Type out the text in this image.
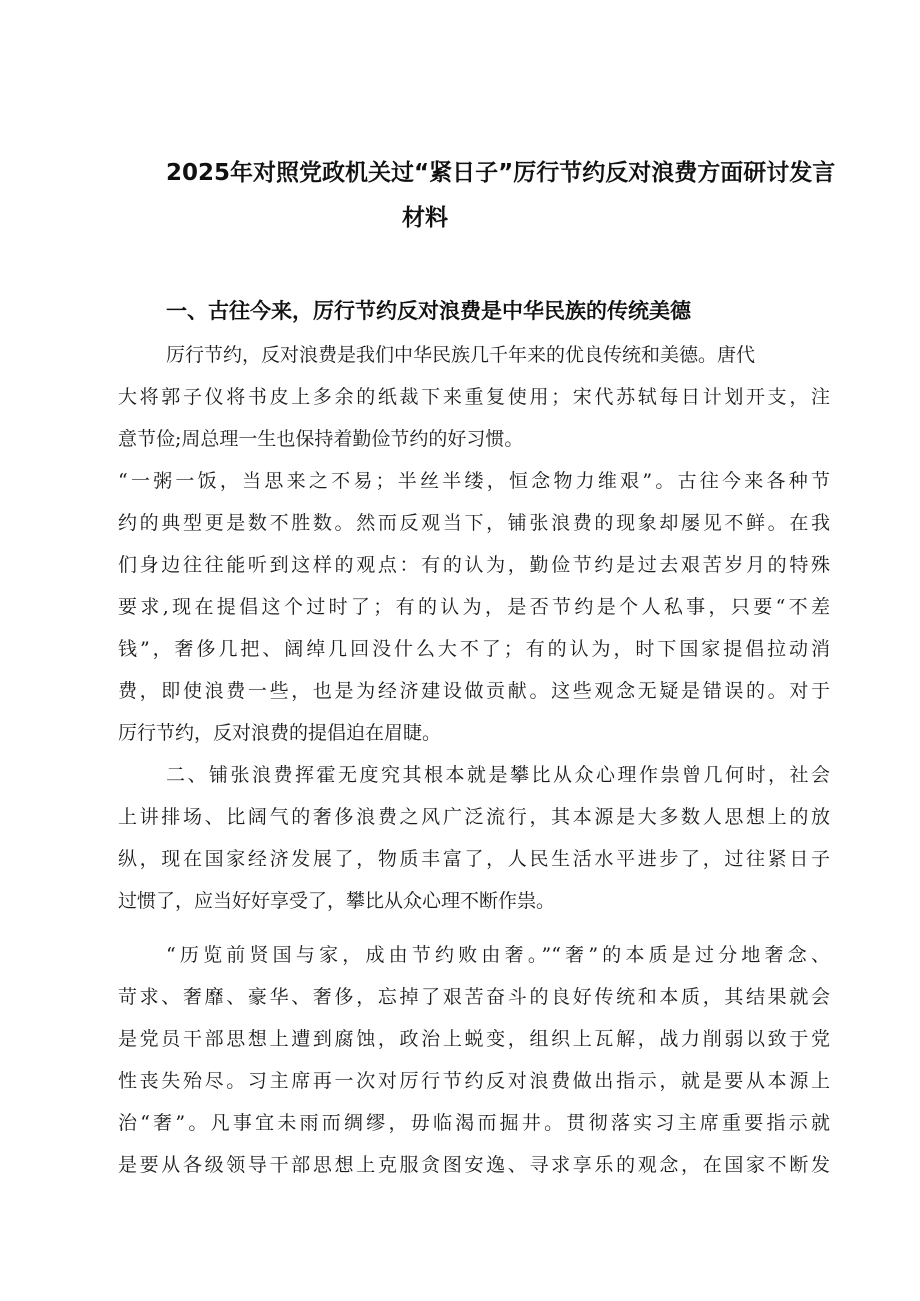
2025年对照党政机关过“紧日子”厉行节约反对浪费方面研讨发言
材料
一、古往今来，厉行节约反对浪费是中华民族的传统美德
厉行节约，反对浪费是我们中华民族几千年来的优良传统和美德。唐代
大将郭子仪将书皮上多余的纸裁下来重复使用；宋代苏轼每日计划开支，注
意节俭;周总理一生也保持着勤俭节约的好习惯。
“一粥一饭，当思来之不易；半丝半缕，恒念物力维艰”。古往今来各种节
约的典型更是数不胜数。然而反观当下，铺张浪费的现象却屡见不鲜。在我
们身边往往能听到这样的观点：有的认为，勤俭节约是过去艰苦岁月的特殊
要求,现在提倡这个过时了；有的认为，是否节约是个人私事，只要“不差
钱”，奢侈几把、阔绰几回没什么大不了；有的认为，时下国家提倡拉动消
费，即使浪费一些，也是为经济建设做贡献。这些观念无疑是错误的。对于
厉行节约，反对浪费的提倡迫在眉睫。
二、铺张浪费挥霍无度究其根本就是攀比从众心理作祟曾几何时，社会
上讲排场、比阔气的奢侈浪费之风广泛流行，其本源是大多数人思想上的放
纵，现在国家经济发展了，物质丰富了，人民生活水平进步了，过往紧日子
过惯了，应当好好享受了，攀比从众心理不断作祟。
“历览前贤国与家，成由节约败由奢。”“奢”的本质是过分地奢念、
苛求、奢靡、豪华、奢侈，忘掉了艰苦奋斗的良好传统和本质，其结果就会
是党员干部思想上遭到腐蚀，政治上蜕变，组织上瓦解，战力削弱以致于党
性丧失殆尽。习主席再一次对厉行节约反对浪费做出指示，就是要从本源上
治“奢”。凡事宜未雨而绸缪，毋临渴而掘井。贯彻落实习主席重要指示就
是要从各级领导干部思想上克服贪图安逸、寻求享乐的观念，在国家不断发
